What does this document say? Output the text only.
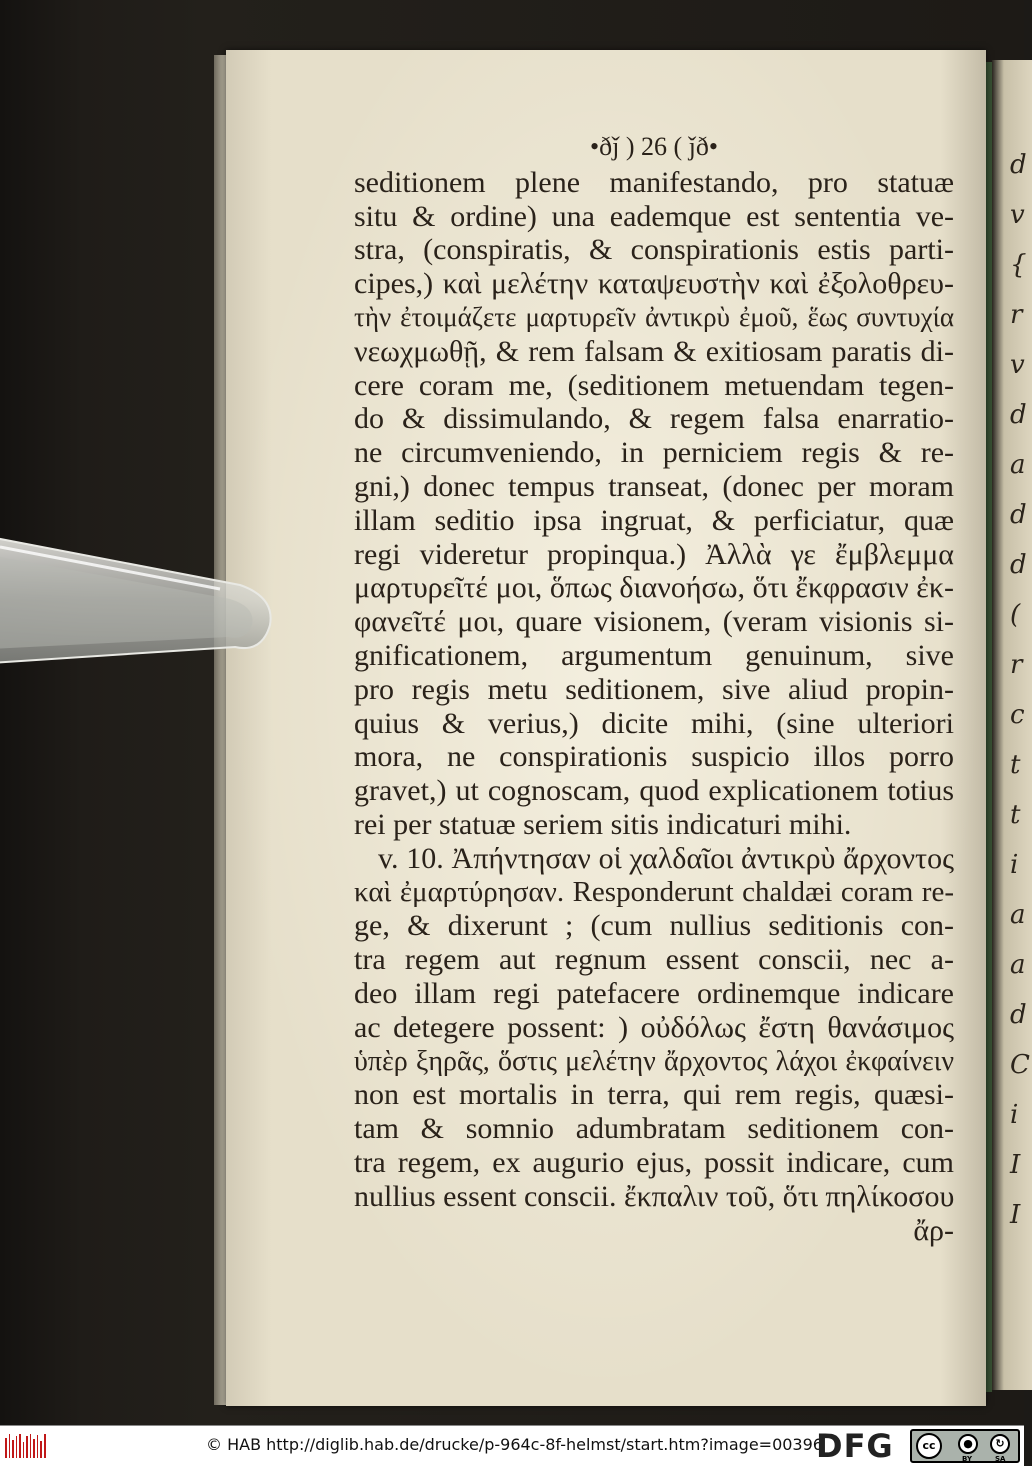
d
v
{
r
v
d
a
d
d
(
r
c
t
t
i
a
a
d
C
i
I
I
•ðǰ ) 26 ( ǰð•
seditionem plene manifestando, pro statuæ
situ & ordine) una eademque est sententia ve-
stra, (conspiratis, & conspirationis estis parti-
cipes,) καὶ μελέτην καταψευστὴν καὶ ἐξολοθρευ-
τὴν ἐτοιμάζετε μαρτυρεῖν ἀντικρὺ ἐμοῦ, ἕως συντυχία
νεωχμωθῇ, & rem falsam & exitiosam paratis di-
cere coram me, (seditionem metuendam tegen-
do & dissimulando, & regem falsa enarratio-
ne circumveniendo, in perniciem regis & re-
gni,) donec tempus transeat, (donec per moram
illam seditio ipsa ingruat, & perficiatur, quæ
regi videretur propinqua.) Ἀλλὰ γε ἔμβλεμμα
μαρτυρεῖτέ μοι, ὅπως διανοήσω, ὅτι ἔκφρασιν ἐκ-
φανεῖτέ μοι, quare visionem, (veram visionis si-
gnificationem, argumentum genuinum, sive
pro regis metu seditionem, sive aliud propin-
quius & verius,) dicite mihi, (sine ulteriori
mora, ne conspirationis suspicio illos porro
gravet,) ut cognoscam, quod explicationem totius
rei per statuæ seriem sitis indicaturi mihi.
v. 10. Ἀπήντησαν οἱ χαλδαῖοι ἀντικρὺ ἄρχοντος
καὶ ἐμαρτύρησαν. Responderunt chaldæi coram re-
ge, & dixerunt ; (cum nullius seditionis con-
tra regem aut regnum essent conscii, nec a-
deo illam regi patefacere ordinemque indicare
ac detegere possent: ) οὐδόλως ἔστη θανάσιμος
ὑπὲρ ξηρᾶς, ὅστις μελέτην ἄρχοντος λάχοι ἐκφαίνειν
non est mortalis in terra, qui rem regis, quæsi-
tam & somnio adumbratam seditionem con-
tra regem, ex augurio ejus, possit indicare, cum
nullius essent conscii. ἔκπαλιν τοῦ, ὅτι πηλίκοσου
ἄρ-
© HAB http://diglib.hab.de/drucke/p-964c-8f-helmst/start.htm?image=00396
DFG	cc	●
BY
↻
SA
